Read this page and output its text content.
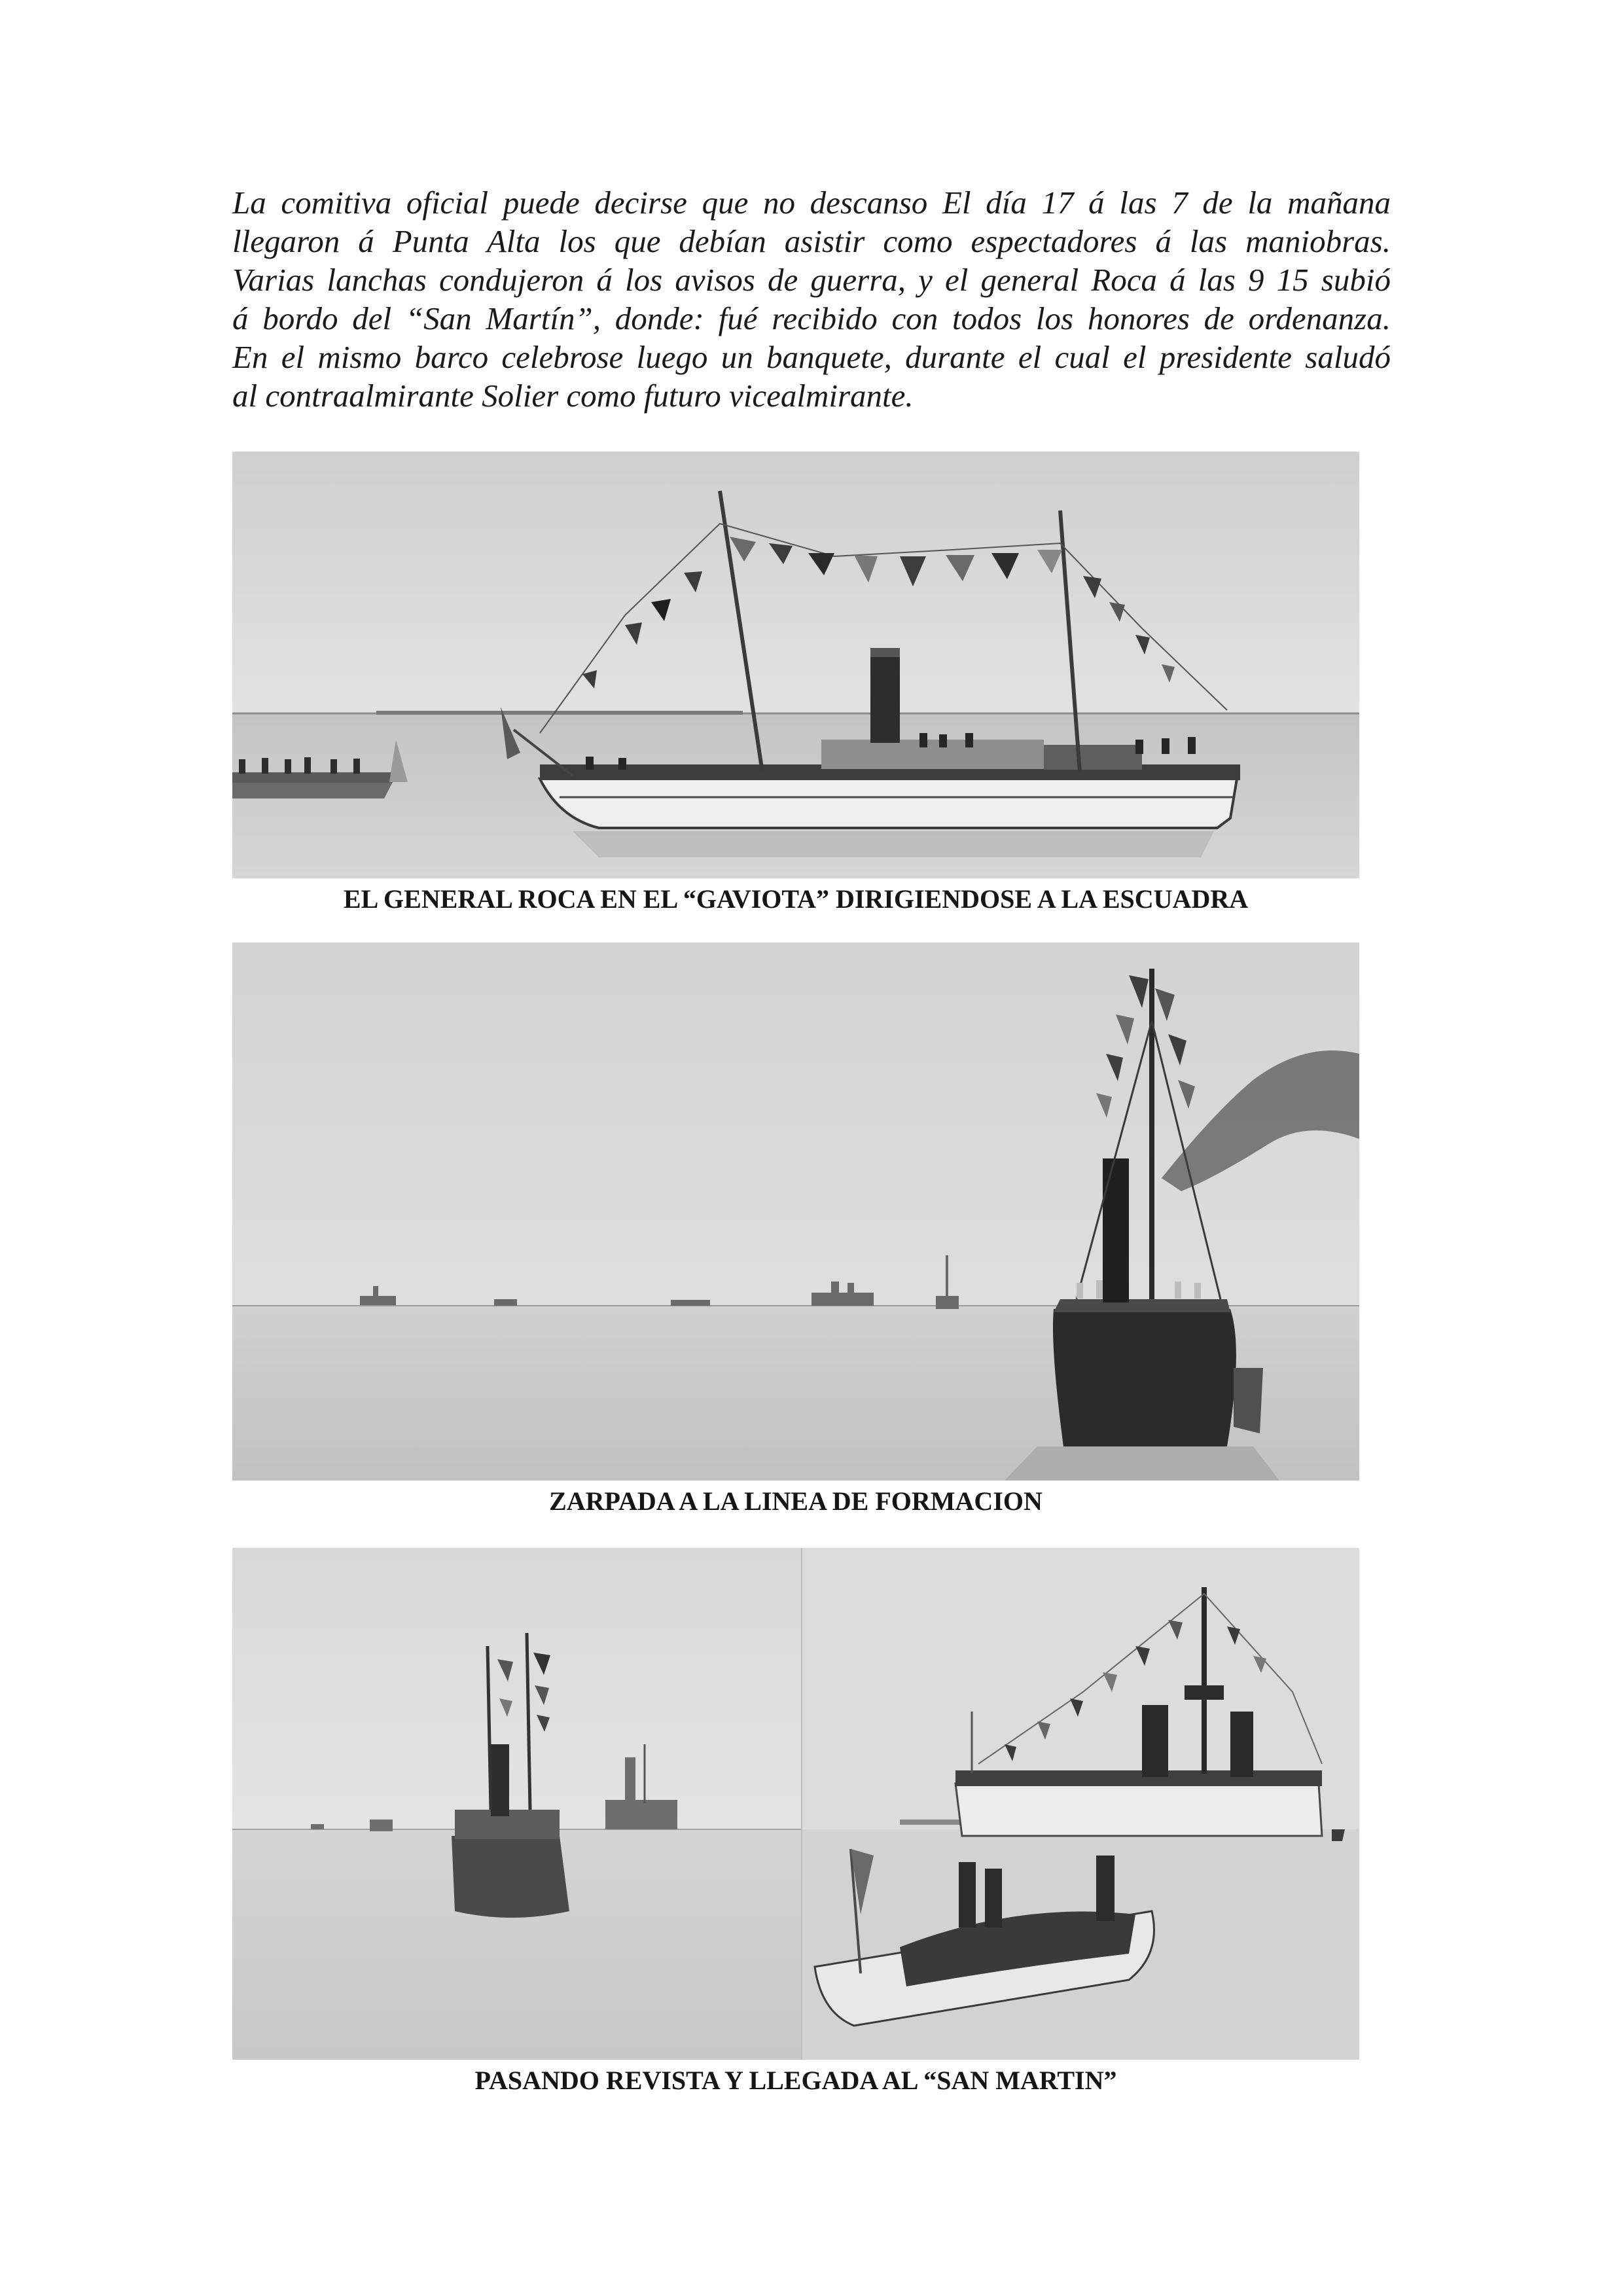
La comitiva oficial puede decirse que no descanso El día 17 á las 7 de la mañana
llegaron á Punta Alta los que debían asistir como espectadores á las maniobras.
Varias lanchas condujeron á los avisos de guerra, y el general Roca á las 9 15 subió
á bordo del “San Martín”, donde: fué recibido con todos los honores de ordenanza.
En el mismo barco celebrose luego un banquete, durante el cual el presidente saludó
al contraalmirante Solier como futuro vicealmirante.
EL GENERAL ROCA EN EL “GAVIOTA” DIRIGIENDOSE A LA ESCUADRA
ZARPADA A LA LINEA DE FORMACION
PASANDO REVISTA Y LLEGADA AL “SAN MARTIN”
